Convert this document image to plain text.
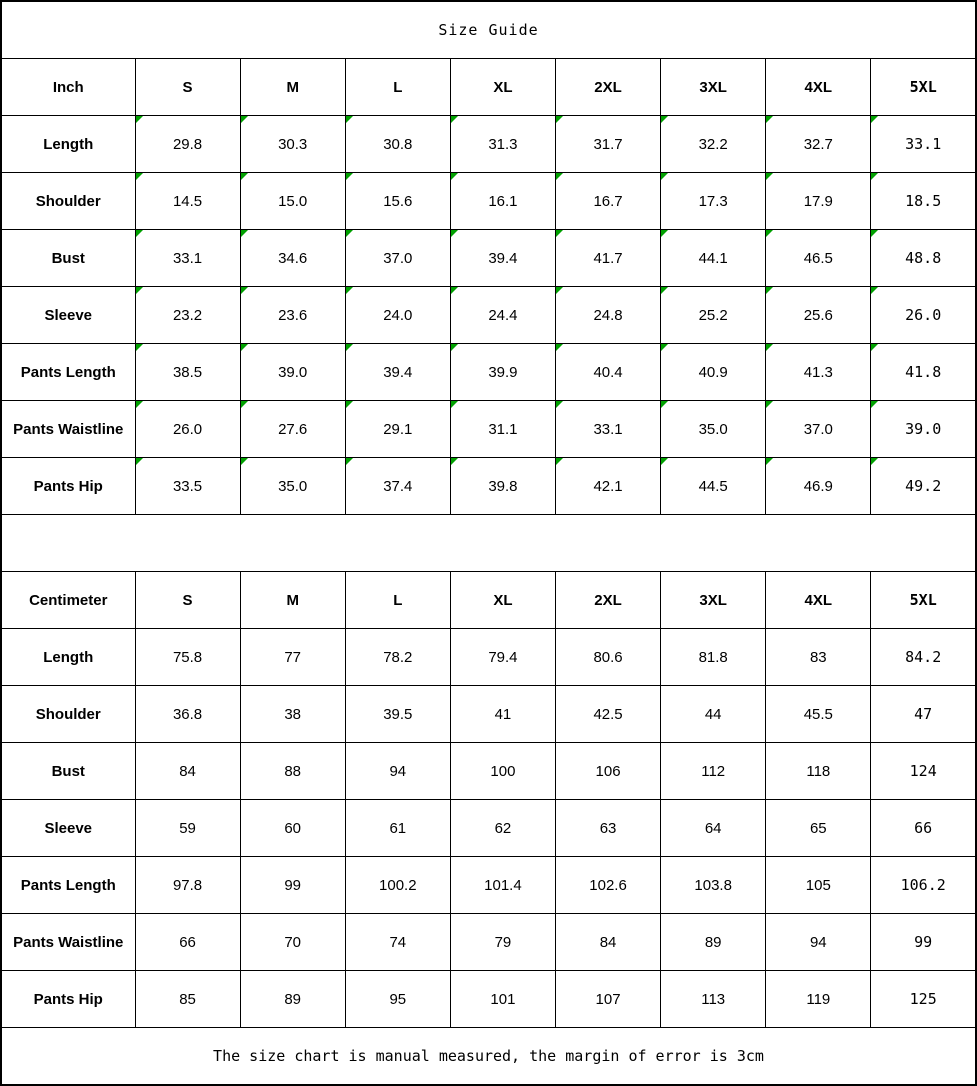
Size Guide								
Inch	S	M	L	XL	2XL	3XL	4XL	5XL
Length	29.8	30.3	30.8	31.3	31.7	32.2	32.7	33.1
Shoulder	14.5	15.0	15.6	16.1	16.7	17.3	17.9	18.5
Bust	33.1	34.6	37.0	39.4	41.7	44.1	46.5	48.8
Sleeve	23.2	23.6	24.0	24.4	24.8	25.2	25.6	26.0
Pants Length	38.5	39.0	39.4	39.9	40.4	40.9	41.3	41.8
Pants Waistline	26.0	27.6	29.1	31.1	33.1	35.0	37.0	39.0
Pants Hip	33.5	35.0	37.4	39.8	42.1	44.5	46.9	49.2

Centimeter	S	M	L	XL	2XL	3XL	4XL	5XL
Length	75.8	77	78.2	79.4	80.6	81.8	83	84.2
Shoulder	36.8	38	39.5	41	42.5	44	45.5	47
Bust	84	88	94	100	106	112	118	124
Sleeve	59	60	61	62	63	64	65	66
Pants Length	97.8	99	100.2	101.4	102.6	103.8	105	106.2
Pants Waistline	66	70	74	79	84	89	94	99
Pants Hip	85	89	95	101	107	113	119	125
The size chart is manual measured, the margin of error is 3cm								
